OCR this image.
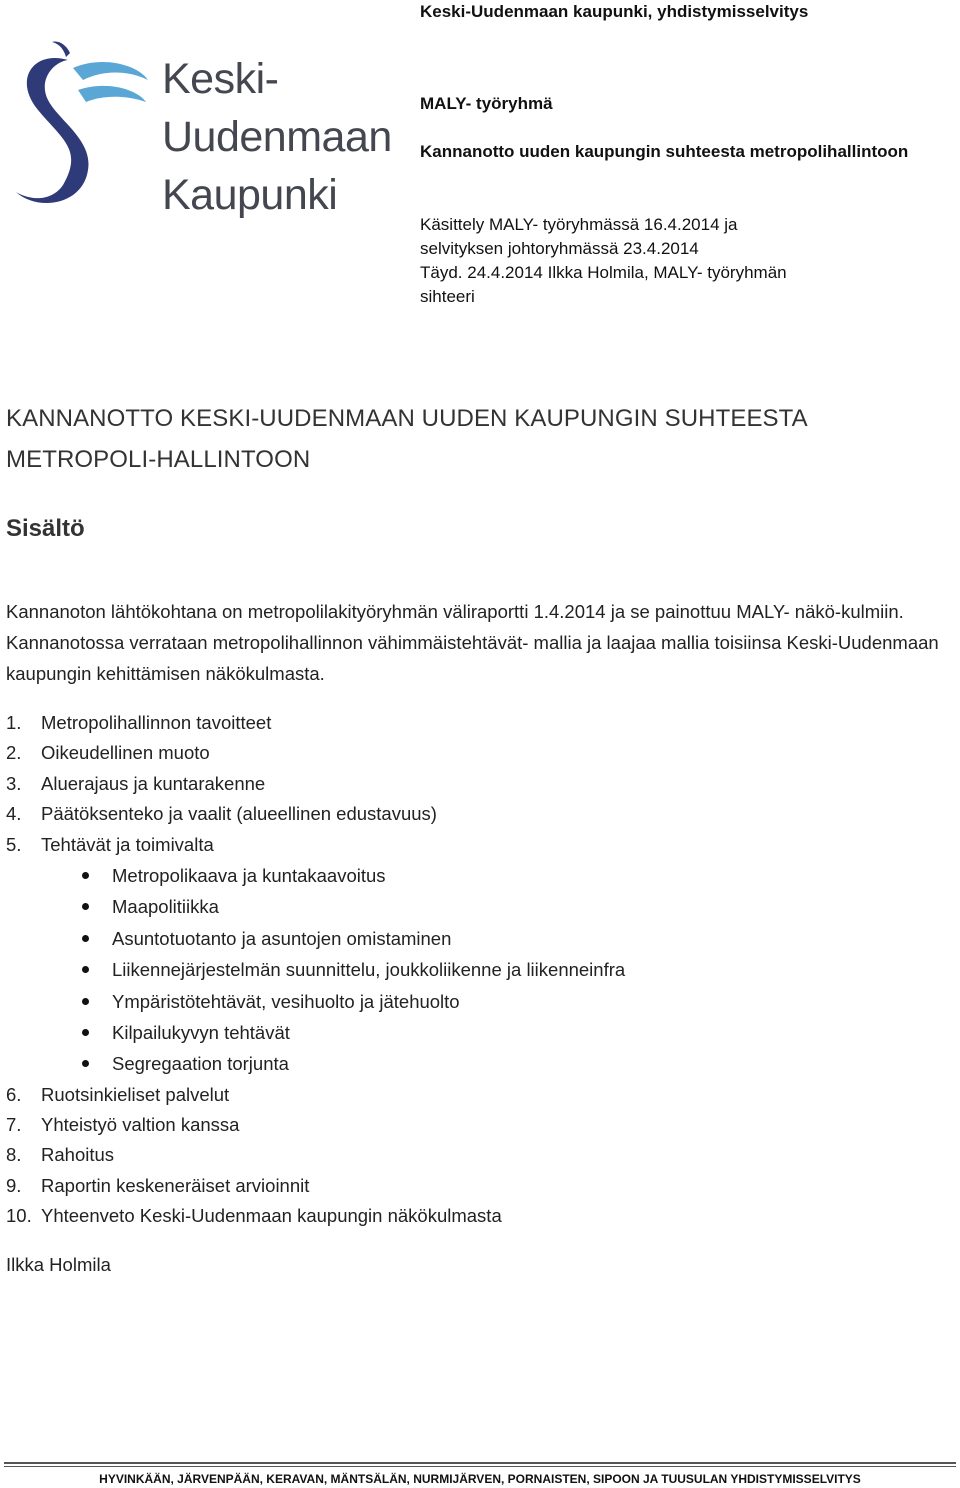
Keski-Uudenmaan kaupunki, yhdistymisselvitys
Keski-
Uudenmaan
Kaupunki
MALY- työryhmä
Kannanotto uuden kaupungin suhteesta metropolihallintoon
Käsittely MALY- työryhmässä 16.4.2014 ja
selvityksen johtoryhmässä 23.4.2014
Täyd. 24.4.2014 Ilkka Holmila, MALY- työryhmän
sihteeri
KANNANOTTO KESKI-UUDENMAAN UUDEN KAUPUNGIN SUHTEESTA METROPOLI-HALLINTOON
Sisältö
Kannanoton lähtökohtana on metropolilakityöryhmän väliraportti 1.4.2014 ja se painottuu MALY- näkö-kulmiin. Kannanotossa verrataan metropolihallinnon vähimmäistehtävät- mallia ja laajaa mallia toisiinsa Keski-Uudenmaan kaupungin kehittämisen näkökulmasta.
1.	Metropolihallinnon tavoitteet
2.	Oikeudellinen muoto
3.	Aluerajaus ja kuntarakenne
4.	Päätöksenteko ja vaalit (alueellinen edustavuus)
5.	Tehtävät ja toimivalta
Metropolikaava ja kuntakaavoitus
Maapolitiikka
Asuntotuotanto ja asuntojen omistaminen
Liikennejärjestelmän suunnittelu, joukkoliikenne ja liikenneinfra
Ympäristötehtävät, vesihuolto ja jätehuolto
Kilpailukyvyn tehtävät
Segregaation torjunta
6.	Ruotsinkieliset palvelut
7.	Yhteistyö valtion kanssa
8.	Rahoitus
9.	Raportin keskeneräiset arvioinnit
10. Yhteenveto Keski-Uudenmaan kaupungin näkökulmasta
Ilkka Holmila
HYVINKÄÄN, JÄRVENPÄÄN, KERAVAN, MÄNTSÄLÄN, NURMIJÄRVEN, PORNAISTEN, SIPOON JA TUUSULAN YHDISTYMISSELVITYS
